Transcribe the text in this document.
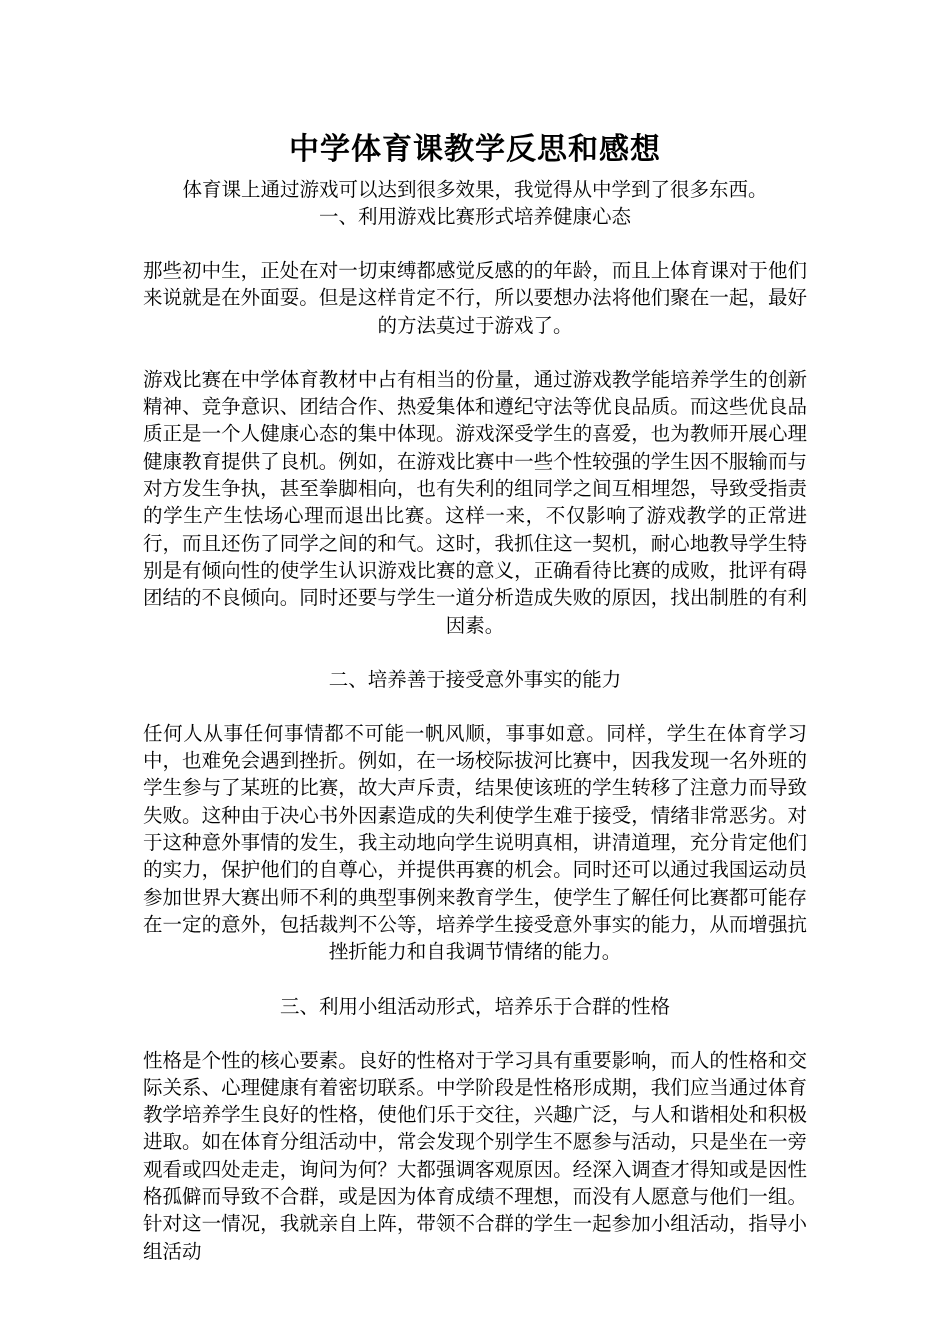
中学体育课教学反思和感想

体育课上通过游戏可以达到很多效果，我觉得从中学到了很多东西。

一、利用游戏比赛形式培养健康心态

那些初中生，正处在对一切束缚都感觉反感的的年龄，而且上体育课对于他们来说就是在外面耍。但是这样肯定不行，所以要想办法将他们聚在一起，最好的方法莫过于游戏了。

游戏比赛在中学体育教材中占有相当的份量，通过游戏教学能培养学生的创新精神、竞争意识、团结合作、热爱集体和遵纪守法等优良品质。而这些优良品质正是一个人健康心态的集中体现。游戏深受学生的喜爱，也为教师开展心理健康教育提供了良机。例如，在游戏比赛中一些个性较强的学生因不服输而与对方发生争执，甚至拳脚相向，也有失利的组同学之间互相埋怨，导致受指责的学生产生怯场心理而退出比赛。这样一来，不仅影响了游戏教学的正常进行，而且还伤了同学之间的和气。这时，我抓住这一契机，耐心地教导学生特别是有倾向性的使学生认识游戏比赛的意义，正确看待比赛的成败，批评有碍团结的不良倾向。同时还要与学生一道分析造成失败的原因，找出制胜的有利因素。

二、培养善于接受意外事实的能力

任何人从事任何事情都不可能一帆风顺，事事如意。同样，学生在体育学习中，也难免会遇到挫折。例如，在一场校际拔河比赛中，因我发现一名外班的学生参与了某班的比赛，故大声斥责，结果使该班的学生转移了注意力而导致失败。这种由于决心书外因素造成的失利使学生难于接受，情绪非常恶劣。对于这种意外事情的发生，我主动地向学生说明真相，讲清道理，充分肯定他们的实力，保护他们的自尊心，并提供再赛的机会。同时还可以通过我国运动员参加世界大赛出师不利的典型事例来教育学生，使学生了解任何比赛都可能存在一定的意外，包括裁判不公等，培养学生接受意外事实的能力，从而增强抗挫折能力和自我调节情绪的能力。

三、利用小组活动形式，培养乐于合群的性格

性格是个性的核心要素。良好的性格对于学习具有重要影响，而人的性格和交际关系、心理健康有着密切联系。中学阶段是性格形成期，我们应当通过体育教学培养学生良好的性格，使他们乐于交往，兴趣广泛，与人和谐相处和积极进取。如在体育分组活动中，常会发现个别学生不愿参与活动，只是坐在一旁观看或四处走走，询问为何？大都强调客观原因。经深入调查才得知或是因性格孤僻而导致不合群，或是因为体育成绩不理想，而没有人愿意与他们一组。针对这一情况，我就亲自上阵，带领不合群的学生一起参加小组活动，指导小组活动
